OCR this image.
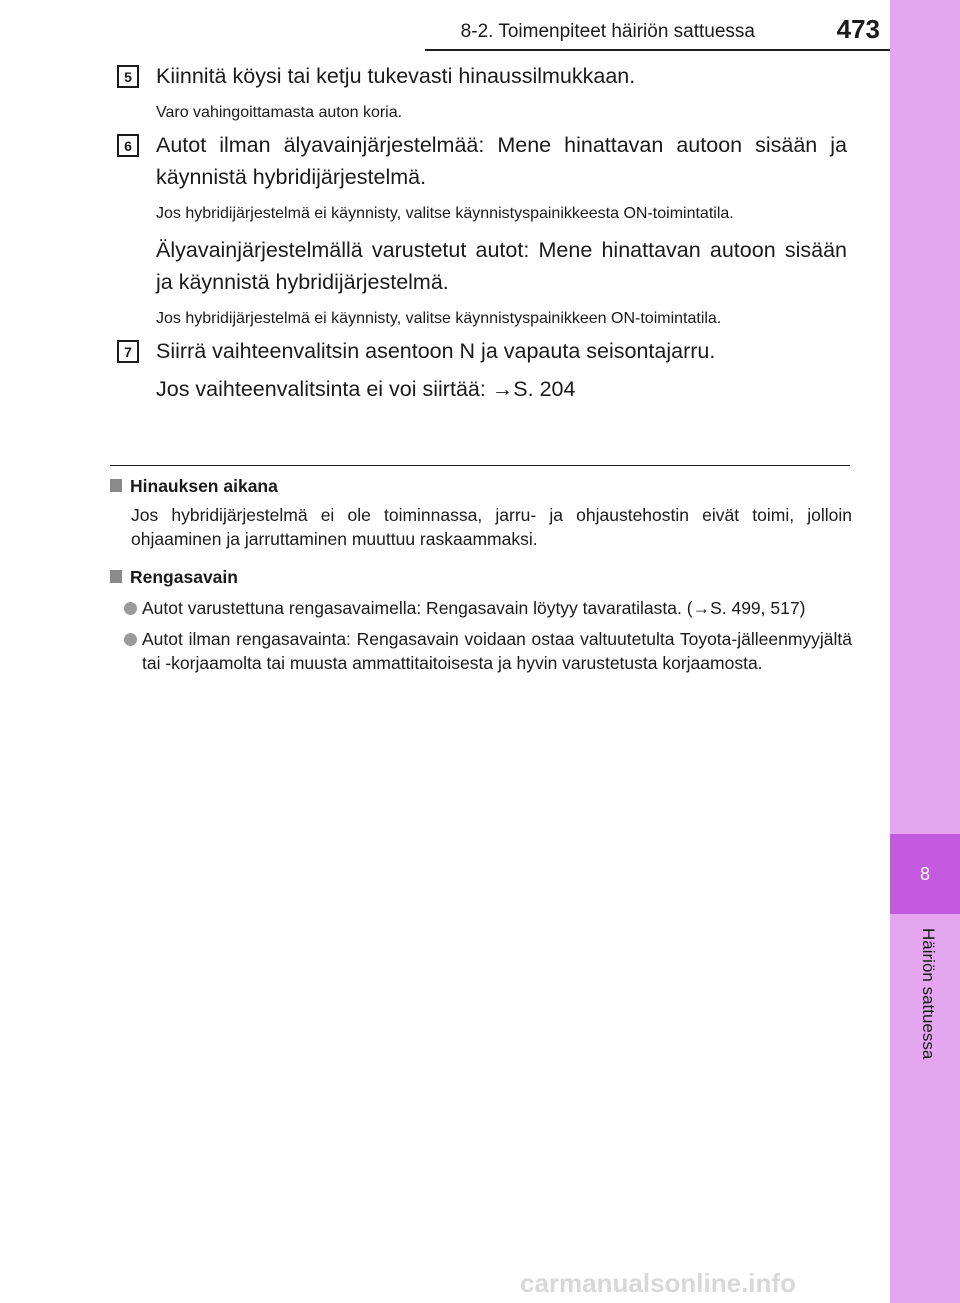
8-2. Toimenpiteet häiriön sattuessa	473
8
Häiriön sattuessa
5	Kiinnitä köysi tai ketju tukevasti hinaussilmukkaan.

Varo vahingoittamasta auton koria.

6	Autot ilman älyavainjärjestelmää: Mene hinattavan autoon sisään ja käynnistä hybridijärjestelmä.

Jos hybridijärjestelmä ei käynnisty, valitse käynnistyspainikkeesta ON-toimintatila.

Älyavainjärjestelmällä varustetut autot: Mene hinattavan autoon sisään ja käynnistä hybridijärjestelmä.

Jos hybridijärjestelmä ei käynnisty, valitse käynnistyspainikkeen ON-toimintatila.

7	Siirrä vaihteenvalitsin asentoon N ja vapauta seisontajarru.

Jos vaihteenvalitsinta ei voi siirtää: →S. 204

Hinauksen aikana

Jos hybridijärjestelmä ei ole toiminnassa, jarru- ja ohjaustehostin eivät toimi, jolloin ohjaaminen ja jarruttaminen muuttuu raskaammaksi.

Rengasavain
Autot varustettuna rengasavaimella: Rengasavain löytyy tavaratilasta. (→S. 499, 517)
Autot ilman rengasavainta: Rengasavain voidaan ostaa valtuutetulta Toyota-jälleenmyyjältä tai -korjaamolta tai muusta ammattitaitoisesta ja hyvin varustetusta korjaamosta.
carmanualsonline.info
